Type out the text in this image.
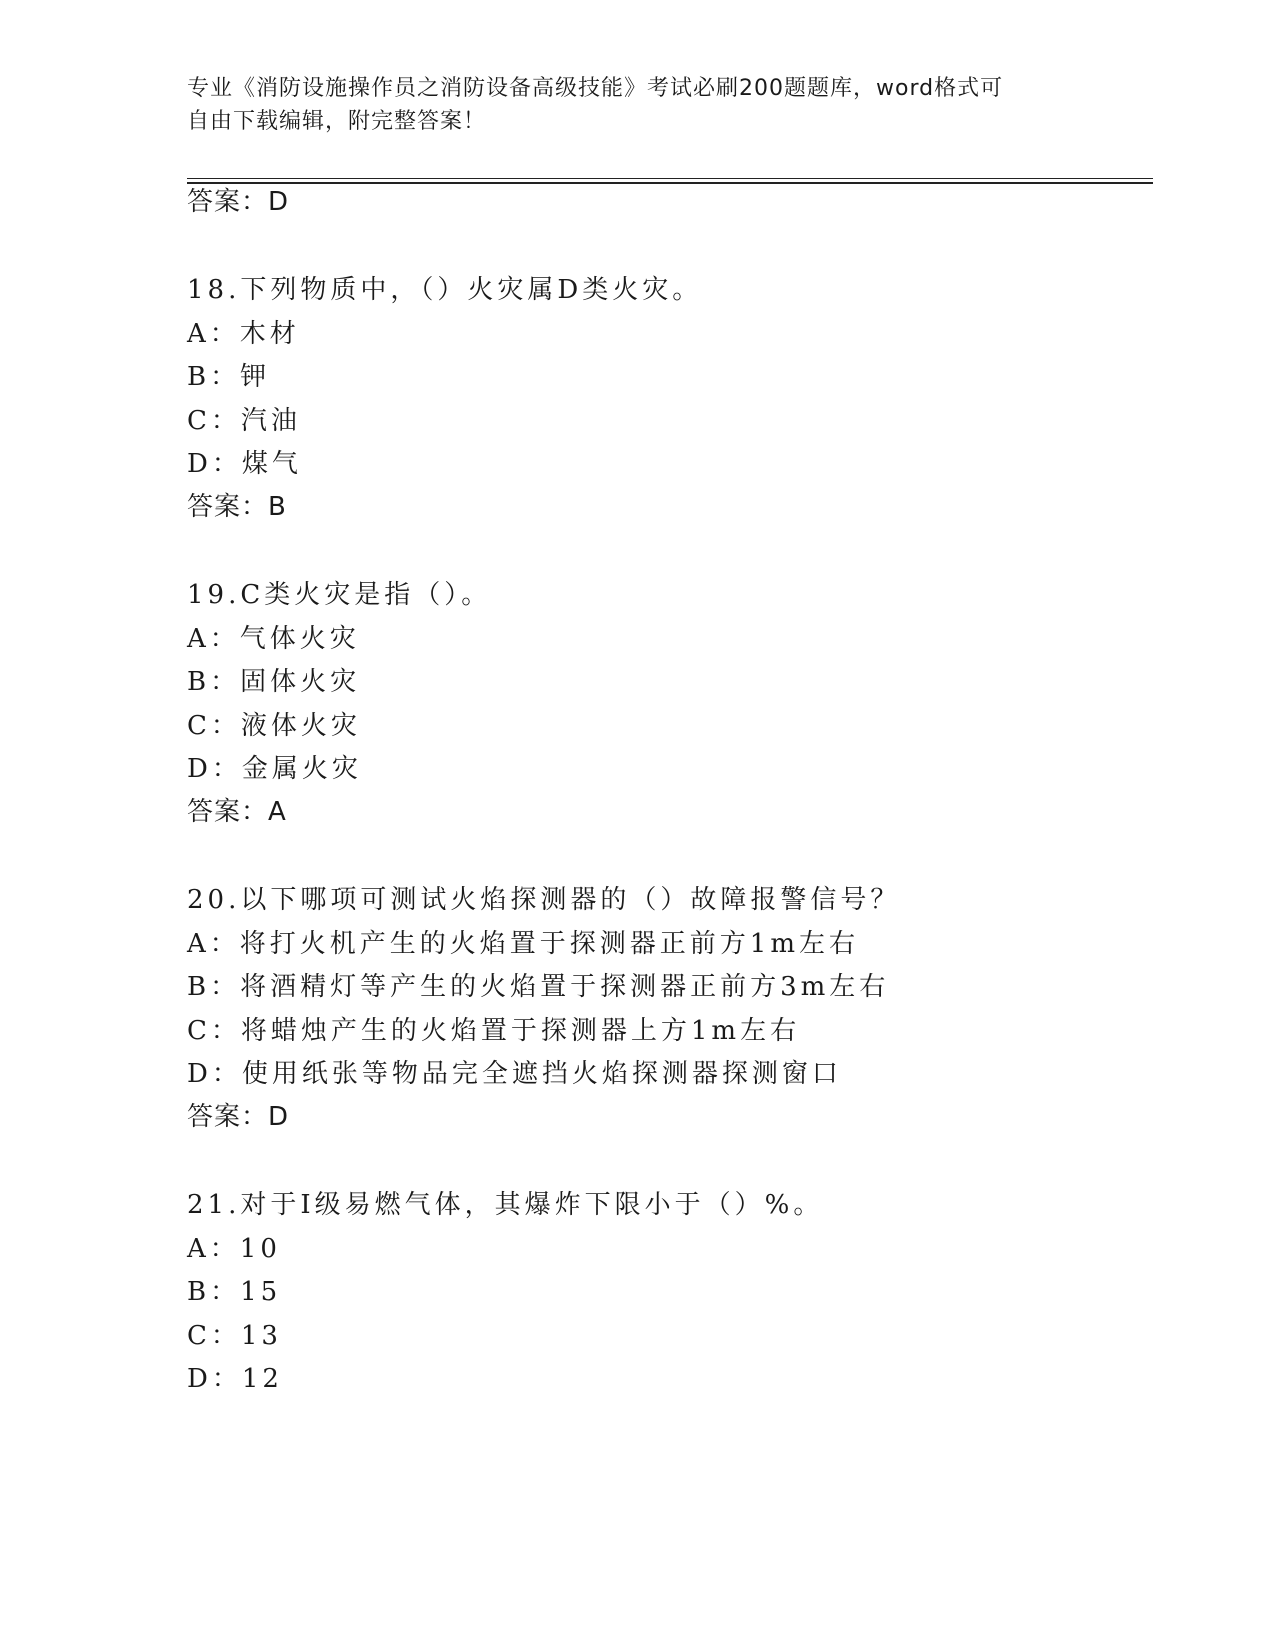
专业《消防设施操作员之消防设备高级技能》考试必刷200题题库，word格式可
自由下载编辑，附完整答案！
答案：D
18.下列物质中，（）火灾属D类火灾。
A：木材
B：钾
C：汽油
D：煤气
答案：B
19.C类火灾是指（）。
A：气体火灾
B：固体火灾
C：液体火灾
D：金属火灾
答案：A
20.以下哪项可测试火焰探测器的（）故障报警信号？
A：将打火机产生的火焰置于探测器正前方1m左右
B：将酒精灯等产生的火焰置于探测器正前方3m左右
C：将蜡烛产生的火焰置于探测器上方1m左右
D：使用纸张等物品完全遮挡火焰探测器探测窗口
答案：D
21.对于Ⅰ级易燃气体，其爆炸下限小于（）%。
A：10
B：15
C：13
D：12
